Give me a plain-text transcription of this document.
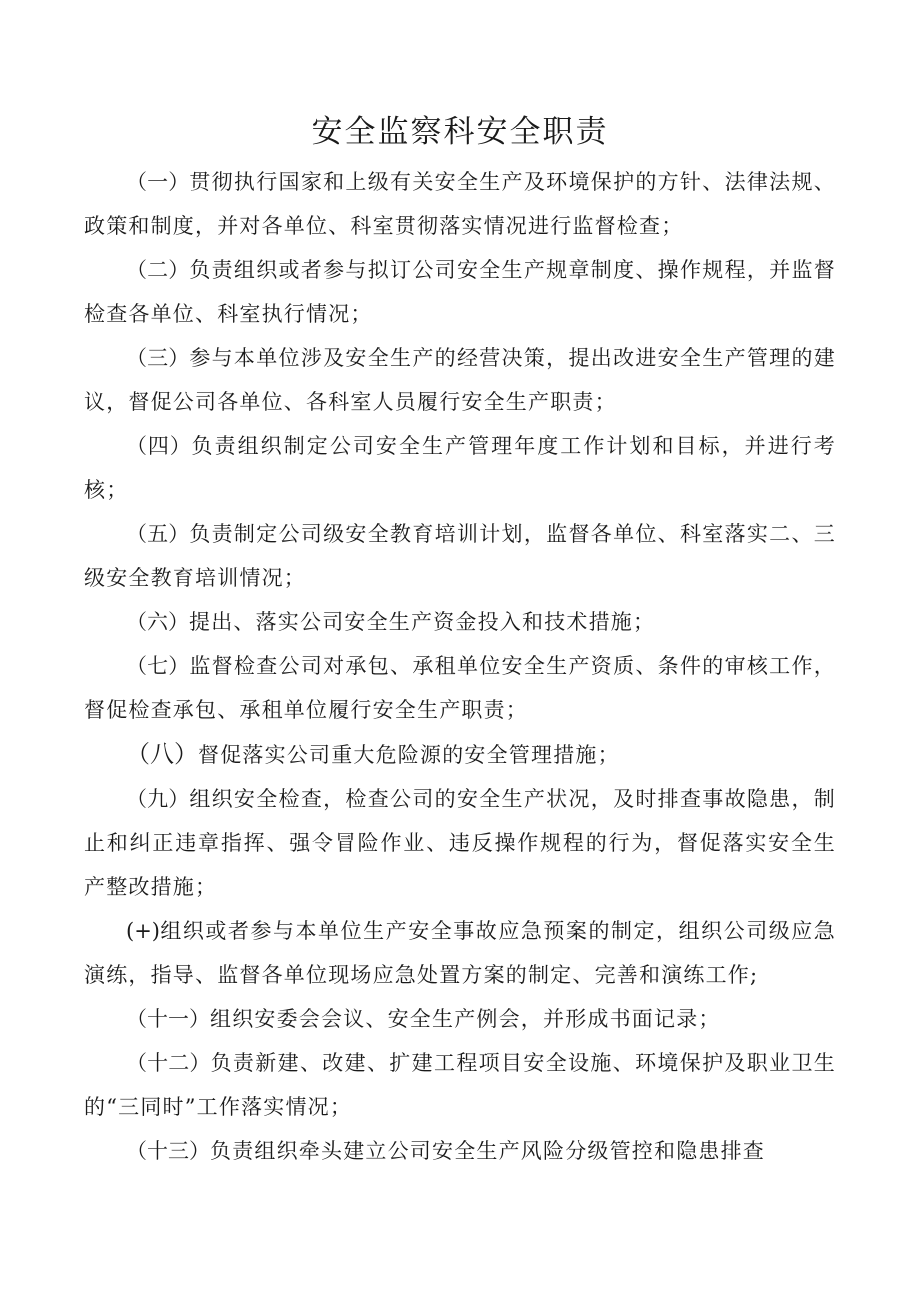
安全监察科安全职责

（一）贯彻执行国家和上级有关安全生产及环境保护的方针、法律法规、政策和制度，并对各单位、科室贯彻落实情况进行监督检查；

（二）负责组织或者参与拟订公司安全生产规章制度、操作规程，并监督检查各单位、科室执行情况；

（三）参与本单位涉及安全生产的经营决策，提出改进安全生产管理的建议，督促公司各单位、各科室人员履行安全生产职责；

（四）负责组织制定公司安全生产管理年度工作计划和目标，并进行考核；

（五）负责制定公司级安全教育培训计划，监督各单位、科室落实二、三级安全教育培训情况；

（六）提出、落实公司安全生产资金投入和技术措施；

（七）监督检查公司对承包、承租单位安全生产资质、条件的审核工作，督促检查承包、承租单位履行安全生产职责；

（八）督促落实公司重大危险源的安全管理措施；

（九）组织安全检查，检查公司的安全生产状况，及时排查事故隐患，制止和纠正违章指挥、强令冒险作业、违反操作规程的行为，督促落实安全生产整改措施；

(+)组织或者参与本单位生产安全事故应急预案的制定，组织公司级应急演练，指导、监督各单位现场应急处置方案的制定、完善和演练工作;

（十一）组织安委会会议、安全生产例会，并形成书面记录；

（十二）负责新建、改建、扩建工程项目安全设施、环境保护及职业卫生的“三同时”工作落实情况；

（十三）负责组织牵头建立公司安全生产风险分级管控和隐患排查
